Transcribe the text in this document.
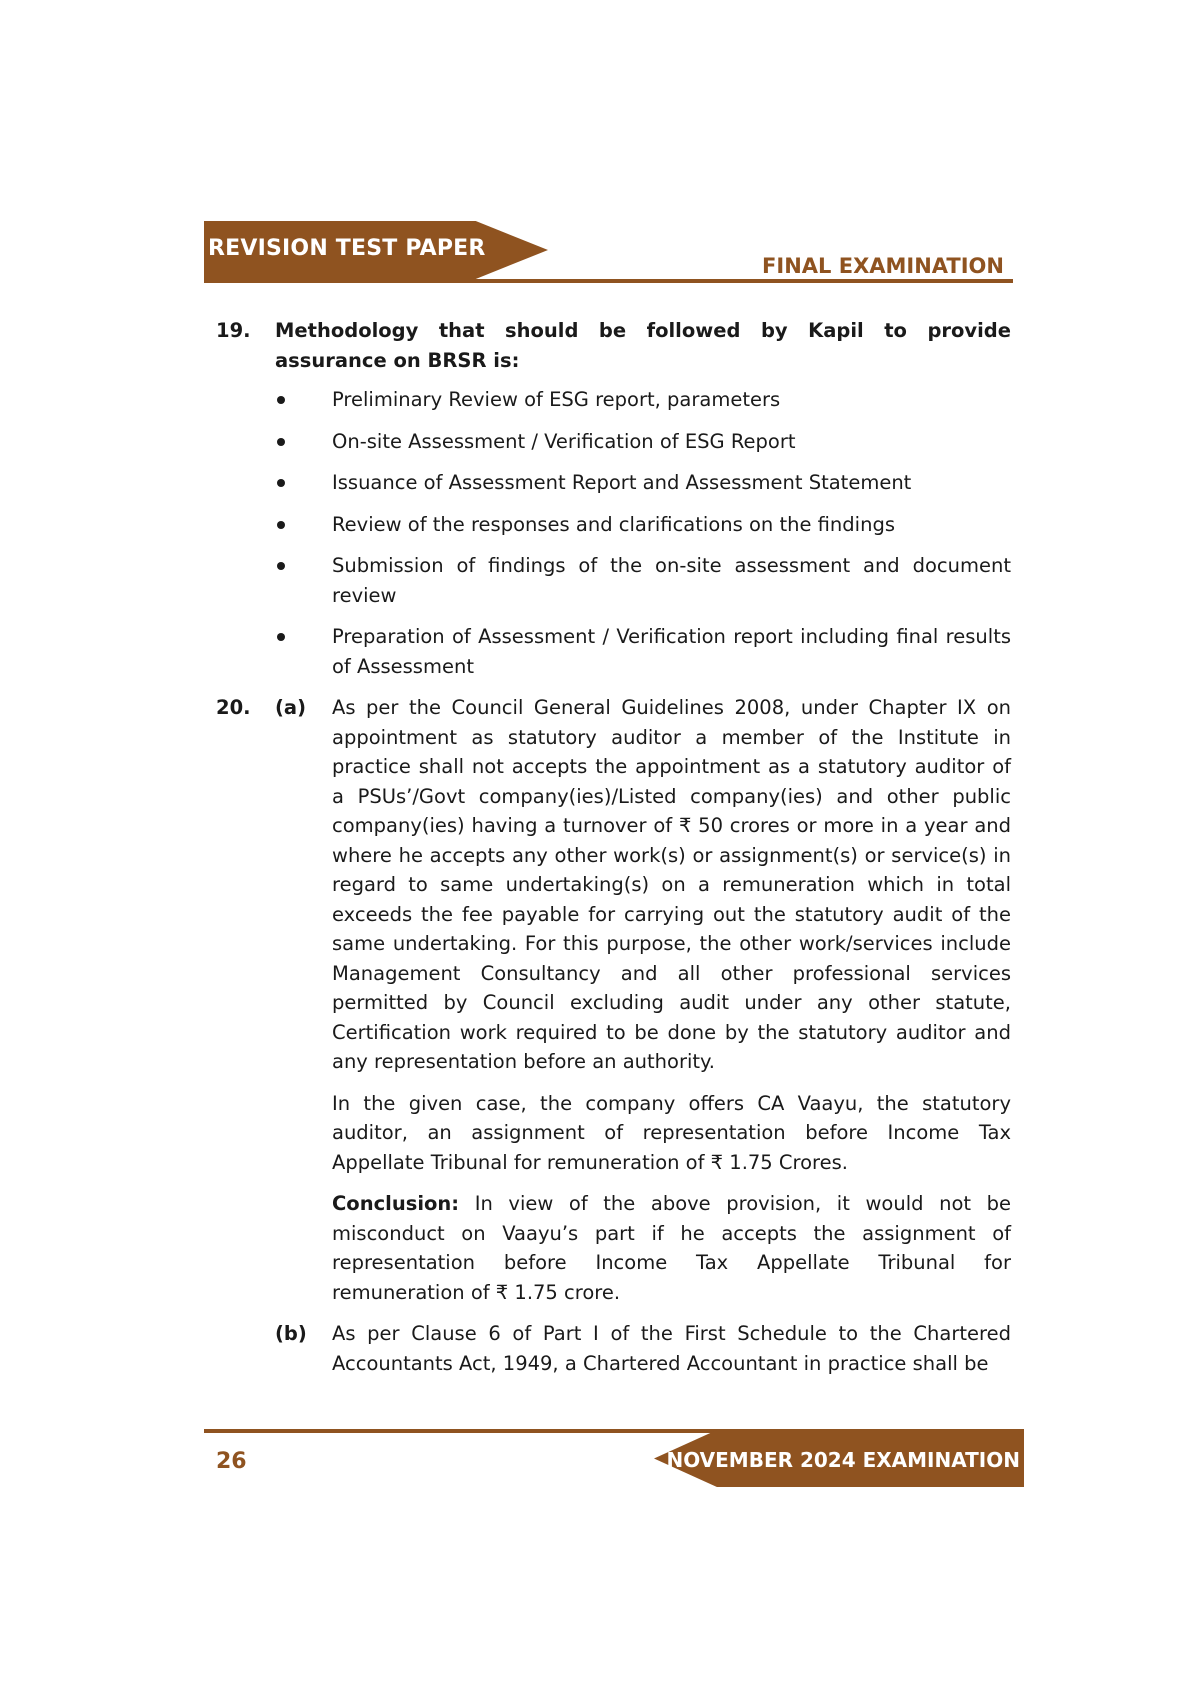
REVISION TEST PAPER
FINAL EXAMINATION
19. Methodology that should be followed by Kapil to provide assurance on BRSR is:

Preliminary Review of ESG report, parameters
On-site Assessment / Verification of ESG Report
Issuance of Assessment Report and Assessment Statement
Review of the responses and clarifications on the findings
Submission of findings of the on-site assessment and document review
Preparation of Assessment / Verification report including final results of Assessment
20. (a) As per the Council General Guidelines 2008, under Chapter IX on appointment as statutory auditor a member of the Institute in practice shall not accepts the appointment as a statutory auditor of a PSUs’/Govt company(ies)/Listed company(ies) and other public company(ies) having a turnover of ₹ 50 crores or more in a year and where he accepts any other work(s) or assignment(s) or service(s) in regard to same undertaking(s) on a remuneration which in total exceeds the fee payable for carrying out the statutory audit of the same undertaking. For this purpose, the other work/services include Management Consultancy and all other professional services permitted by Council excluding audit under any other statute, Certification work required to be done by the statutory auditor and any representation before an authority.

In the given case, the company offers CA Vaayu, the statutory auditor, an assignment of representation before Income Tax Appellate Tribunal for remuneration of ₹ 1.75 Crores.

Conclusion: In view of the above provision, it would not be misconduct on Vaayu’s part if he accepts the assignment of representation before Income Tax Appellate Tribunal for remuneration of ₹ 1.75 crore.

(b) As per Clause 6 of Part I of the First Schedule to the Chartered Accountants Act, 1949, a Chartered Accountant in practice shall be

26	NOVEMBER 2024 EXAMINATION
